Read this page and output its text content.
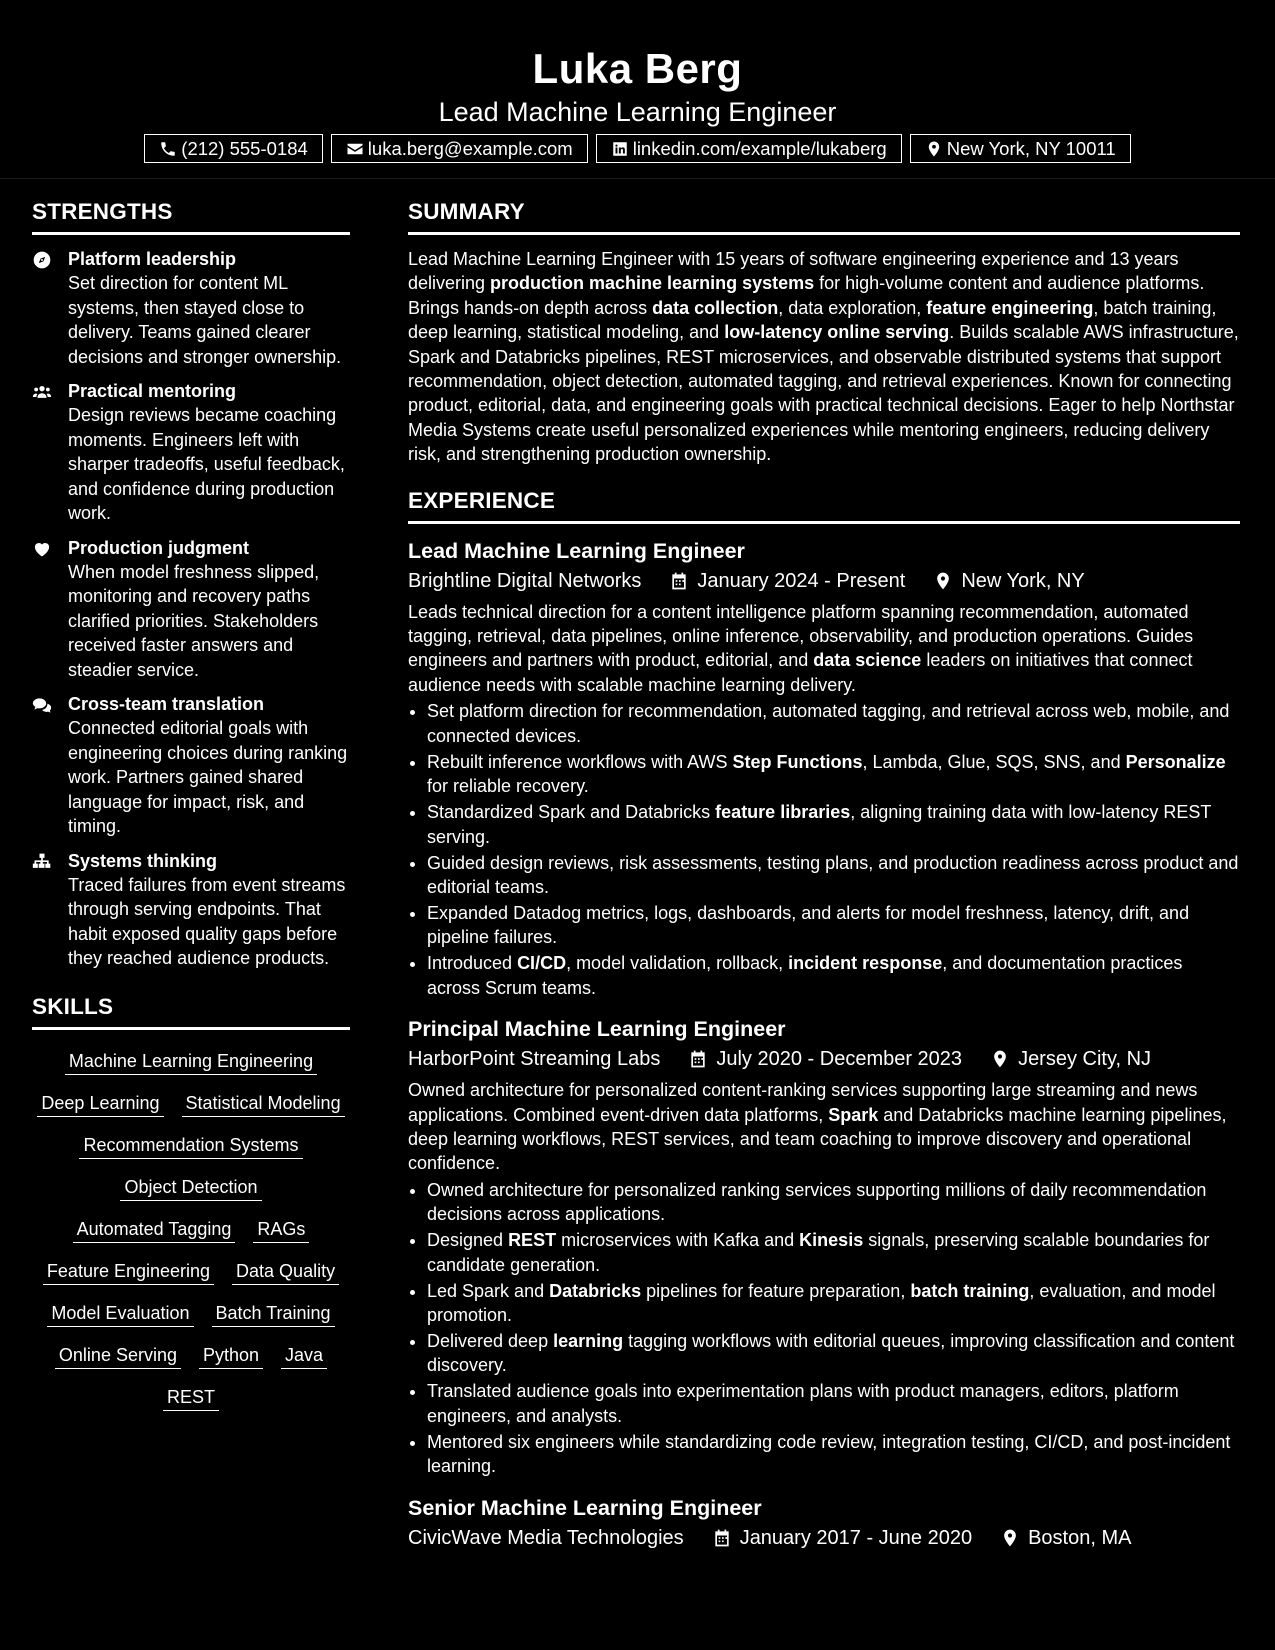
Luka Berg
Lead Machine Learning Engineer
(212) 555-0184	luka.berg@example.com	linkedin.com/example/lukaberg	New York, NY 10011
STRENGTHS
Platform leadership
Set direction for content ML systems, then stayed close to delivery. Teams gained clearer decisions and stronger ownership.
Practical mentoring
Design reviews became coaching moments. Engineers left with sharper tradeoffs, useful feedback, and confidence during production work.
Production judgment
When model freshness slipped, monitoring and recovery paths clarified priorities. Stakeholders received faster answers and steadier service.
Cross-team translation
Connected editorial goals with engineering choices during ranking work. Partners gained shared language for impact, risk, and timing.
Systems thinking
Traced failures from event streams through serving endpoints. That habit exposed quality gaps before they reached audience products.
SKILLS
Machine Learning Engineering
Deep Learning Statistical Modeling
Recommendation Systems
Object Detection
Automated Tagging RAGs
Feature Engineering Data Quality
Model Evaluation Batch Training
Online Serving Python Java
REST
SUMMARY
Lead Machine Learning Engineer with 15 years of software engineering experience and 13 years delivering production machine learning systems for high-volume content and audience platforms. Brings hands-on depth across data collection, data exploration, feature engineering, batch training, deep learning, statistical modeling, and low-latency online serving. Builds scalable AWS infrastructure, Spark and Databricks pipelines, REST microservices, and observable distributed systems that support recommendation, object detection, automated tagging, and retrieval experiences. Known for connecting product, editorial, data, and engineering goals with practical technical decisions. Eager to help Northstar Media Systems create useful personalized experiences while mentoring engineers, reducing delivery risk, and strengthening production ownership.
EXPERIENCE
Lead Machine Learning Engineer
Brightline Digital Networks	January 2024 - Present	New York, NY
Leads technical direction for a content intelligence platform spanning recommendation, automated tagging, retrieval, data pipelines, online inference, observability, and production operations. Guides engineers and partners with product, editorial, and data science leaders on initiatives that connect audience needs with scalable machine learning delivery.
• Set platform direction for recommendation, automated tagging, and retrieval across web, mobile, and connected devices.
• Rebuilt inference workflows with AWS Step Functions, Lambda, Glue, SQS, SNS, and Personalize for reliable recovery.
• Standardized Spark and Databricks feature libraries, aligning training data with low-latency REST serving.
• Guided design reviews, risk assessments, testing plans, and production readiness across product and editorial teams.
• Expanded Datadog metrics, logs, dashboards, and alerts for model freshness, latency, drift, and pipeline failures.
• Introduced CI/CD, model validation, rollback, incident response, and documentation practices across Scrum teams.
Principal Machine Learning Engineer
HarborPoint Streaming Labs	July 2020 - December 2023	Jersey City, NJ
Owned architecture for personalized content-ranking services supporting large streaming and news applications. Combined event-driven data platforms, Spark and Databricks machine learning pipelines, deep learning workflows, REST services, and team coaching to improve discovery and operational confidence.
• Owned architecture for personalized ranking services supporting millions of daily recommendation decisions across applications.
• Designed REST microservices with Kafka and Kinesis signals, preserving scalable boundaries for candidate generation.
• Led Spark and Databricks pipelines for feature preparation, batch training, evaluation, and model promotion.
• Delivered deep learning tagging workflows with editorial queues, improving classification and content discovery.
• Translated audience goals into experimentation plans with product managers, editors, platform engineers, and analysts.
• Mentored six engineers while standardizing code review, integration testing, CI/CD, and post-incident learning.
Senior Machine Learning Engineer
CivicWave Media Technologies	January 2017 - June 2020	Boston, MA
